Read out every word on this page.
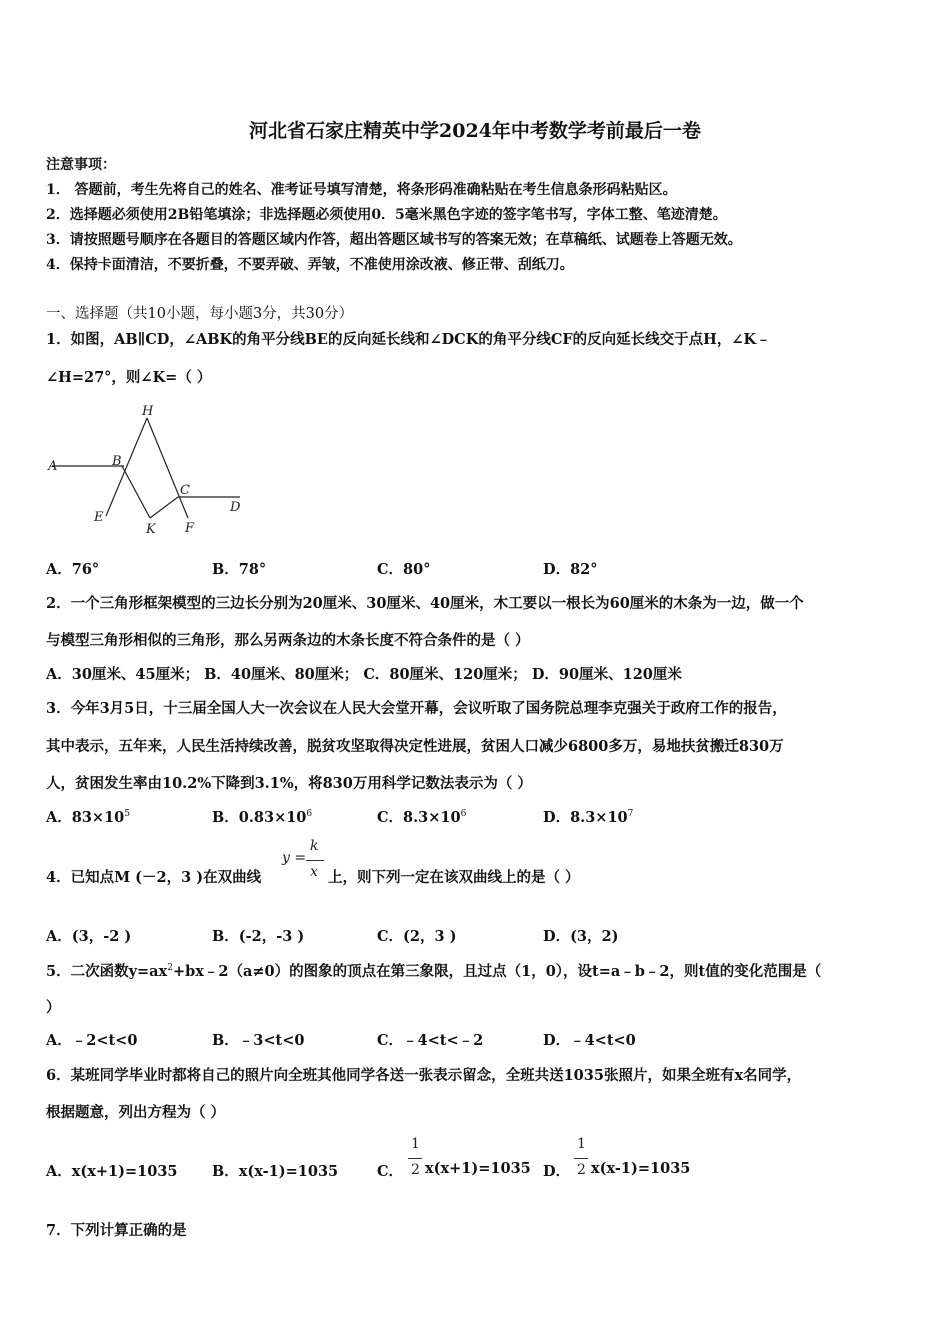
河北省石家庄精英中学2024年中考数学考前最后一卷
注意事项：
1． 答题前，考生先将自己的姓名、准考证号填写清楚，将条形码准确粘贴在考生信息条形码粘贴区。
2．选择题必须使用2B铅笔填涂；非选择题必须使用0．5毫米黑色字迹的签字笔书写，字体工整、笔迹清楚。
3．请按照题号顺序在各题目的答题区域内作答，超出答题区域书写的答案无效；在草稿纸、试题卷上答题无效。
4．保持卡面清洁，不要折叠，不要弄破、弄皱，不准使用涂改液、修正带、刮纸刀。
一、选择题（共10小题，每小题3分，共30分）
1．如图，AB∥CD，∠ABK的角平分线BE的反向延长线和∠DCK的角平分线CF的反向延长线交于点H，∠K﹣
∠H=27°，则∠K=（ ）
H
A	B
C
D
E
K F
A．76°	B．78°	C．80°	D．82°
2．一个三角形框架模型的三边长分别为20厘米、30厘米、40厘米，木工要以一根长为60厘米的木条为一边，做一个
与模型三角形相似的三角形，那么另两条边的木条长度不符合条件的是（ ）
A．30厘米、45厘米； B．40厘米、80厘米； C．80厘米、120厘米； D．90厘米、120厘米
3．今年3月5日，十三届全国人大一次会议在人民大会堂开幕，会议听取了国务院总理李克强关于政府工作的报告，
其中表示，五年来，人民生活持续改善，脱贫攻坚取得决定性进展，贫困人口减少6800多万，易地扶贫搬迁830万
人，贫困发生率由10.2%下降到3.1%，将830万用科学记数法表示为（ ）
A．$83\times 10^5$	B．$0.83\times 10^6$	C．$8.3\times 10^6$	D．$8.3\times 10^7$
4．已知点M (－2，3 )在双曲线
y =
k
x 上，则下列一定在该双曲线上的是（ ）
A．(3，-2 )	B．(-2，-3 )	C．(2，3 )	D．(3，2)
5．二次函数$y=ax^2+bx﹣2(a\ne 0)$的图象的顶点在第三象限，且过点（1，0），设t=a﹣b﹣2，则t值的变化范围是（
）
A．﹣2<t<0	B．﹣3<t<0	C．﹣4<t<﹣2	D．﹣4<t<0
6．某班同学毕业时都将自己的照片向全班其他同学各送一张表示留念，全班共送1035张照片，如果全班有x名同学，
根据题意，列出方程为（ ）
A．x(x+1)=1035 B．x(x-1)=1035	C．
1
2 x(x+1)=1035 D．
1
2 x(x-1)=1035
7．下列计算正确的是
